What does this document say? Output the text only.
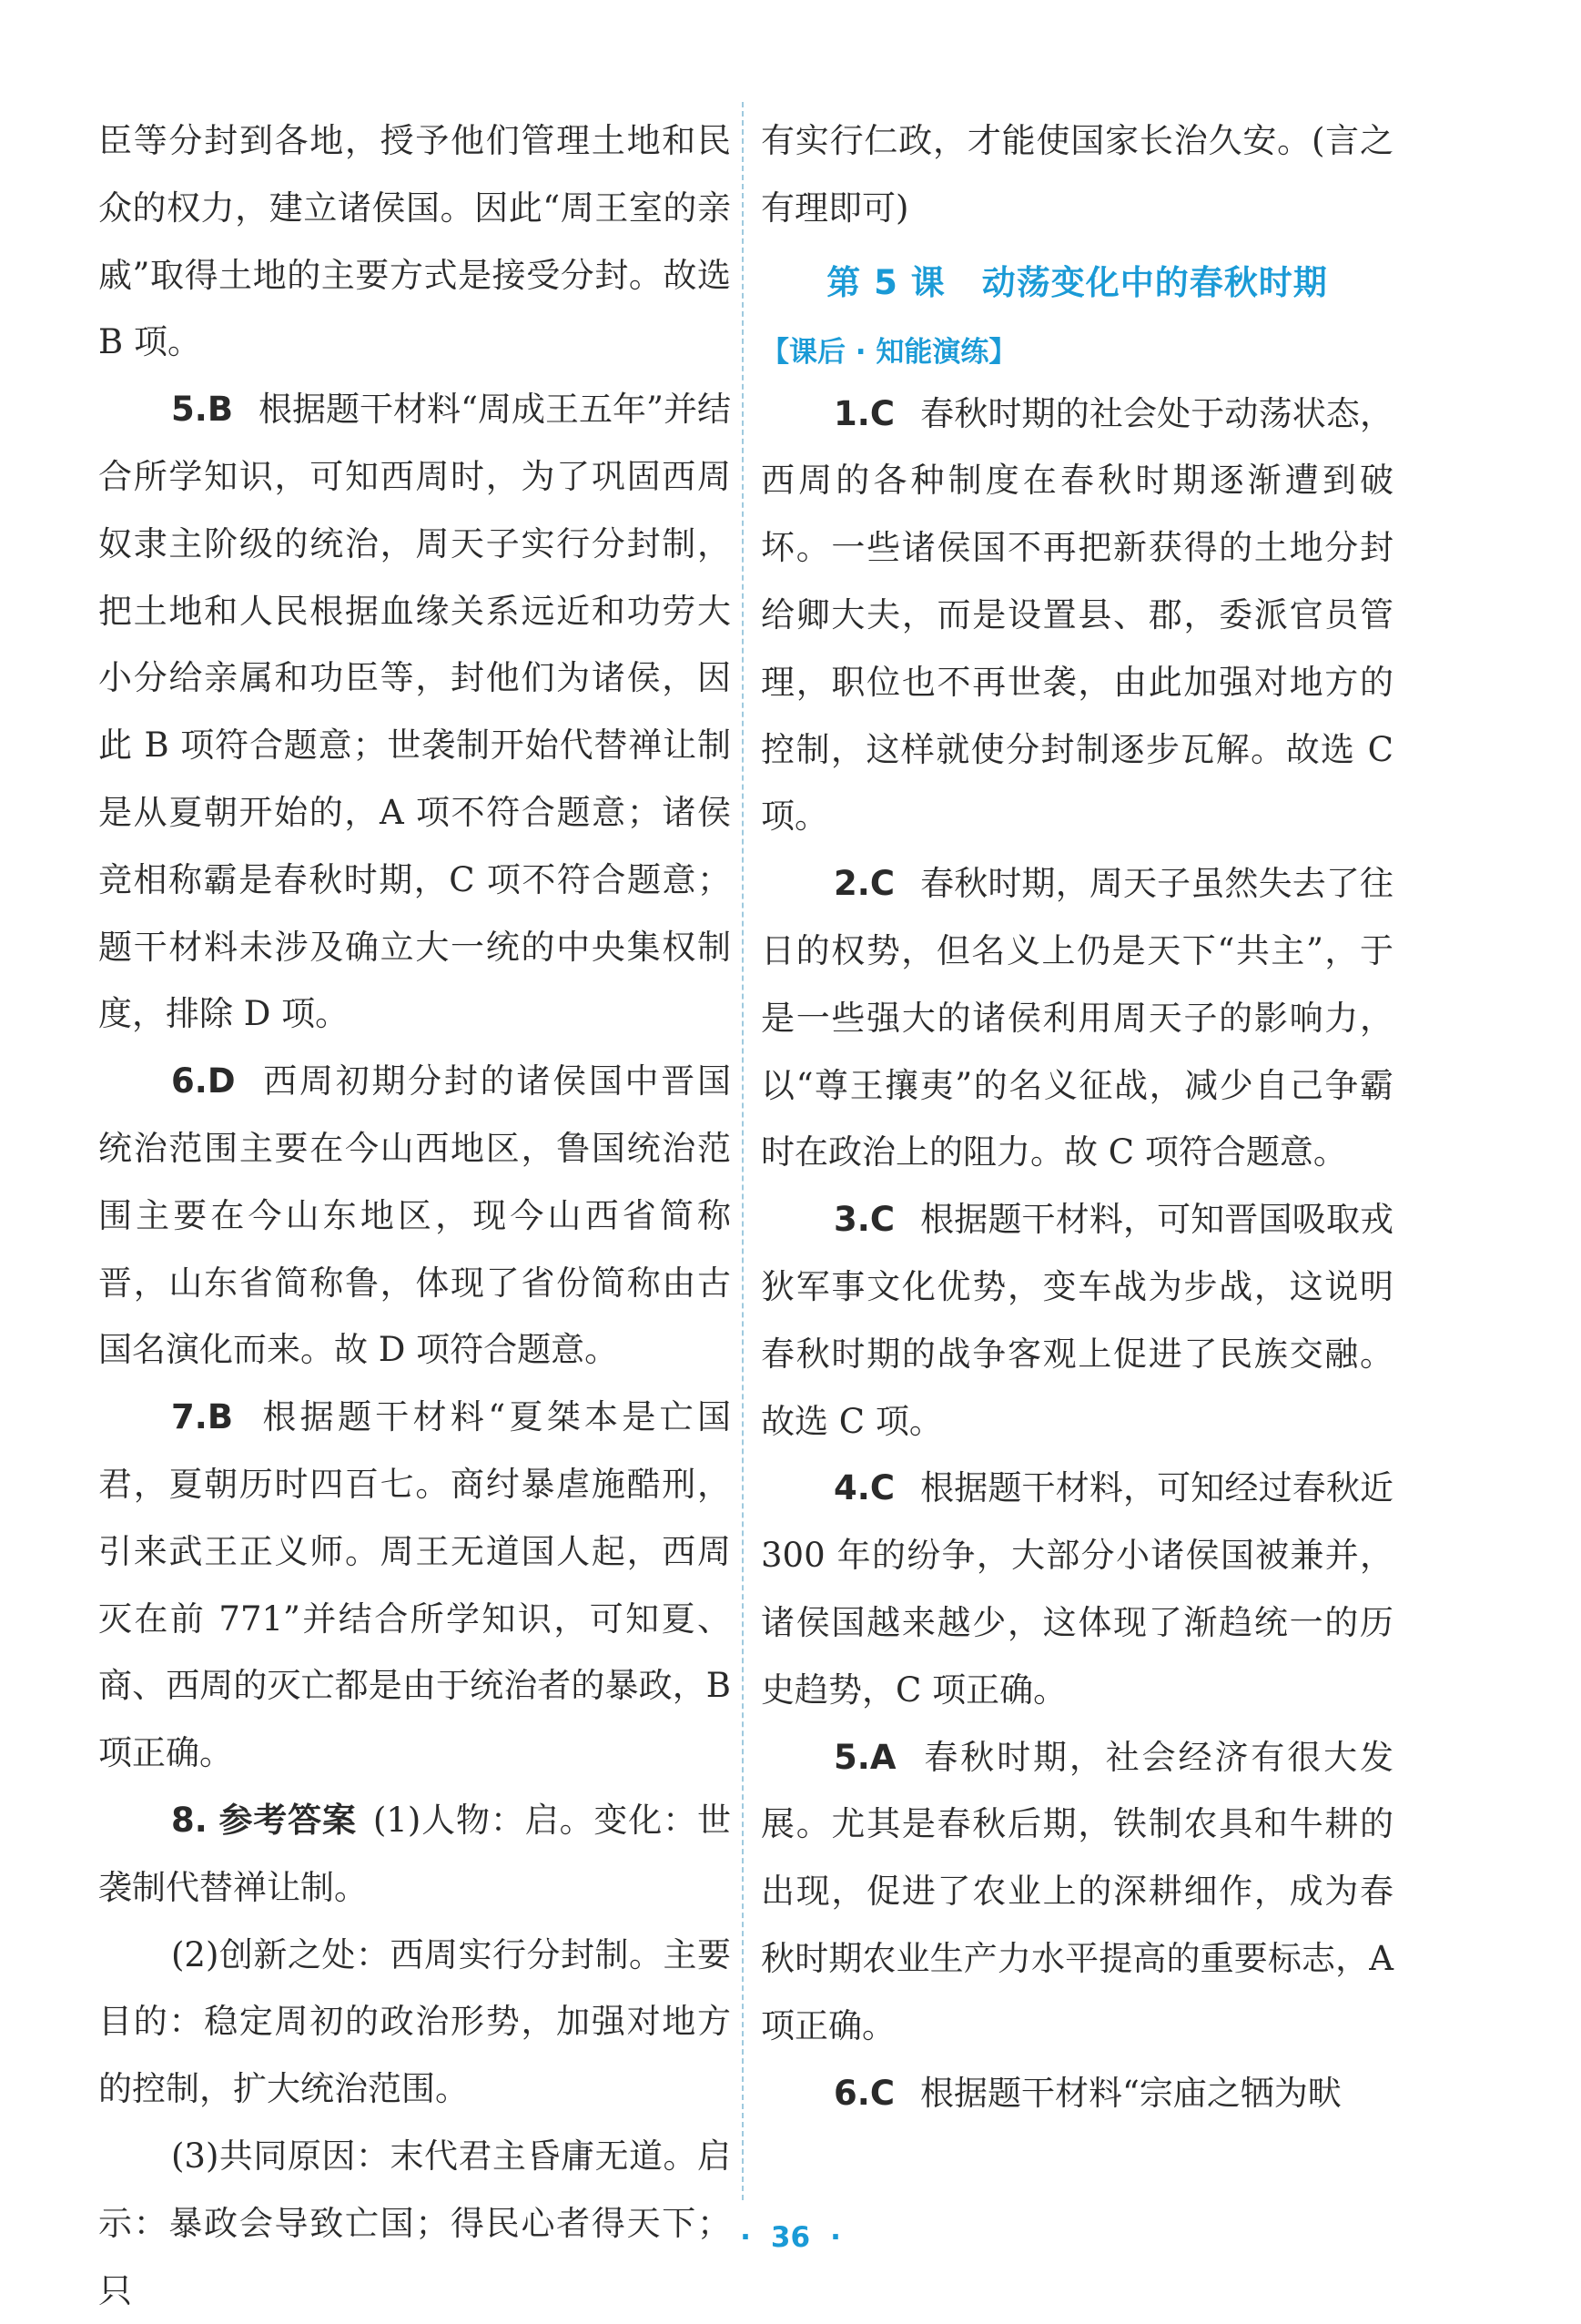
臣等分封到各地，授予他们管理土地和民众的权力，建立诸侯国。因此“周王室的亲戚”取得土地的主要方式是接受分封。故选 B 项。

5.B 根据题干材料“周成王五年”并结合所学知识，可知西周时，为了巩固西周奴隶主阶级的统治，周天子实行分封制，把土地和人民根据血缘关系远近和功劳大小分给亲属和功臣等，封他们为诸侯，因此 B 项符合题意；世袭制开始代替禅让制是从夏朝开始的，A 项不符合题意；诸侯竞相称霸是春秋时期，C 项不符合题意；题干材料未涉及确立大一统的中央集权制度，排除 D 项。

6.D 西周初期分封的诸侯国中晋国统治范围主要在今山西地区，鲁国统治范围主要在今山东地区，现今山西省简称晋，山东省简称鲁，体现了省份简称由古国名演化而来。故 D 项符合题意。

7.B 根据题干材料“夏桀本是亡国君，夏朝历时四百七。商纣暴虐施酷刑，引来武王正义师。周王无道国人起，西周灭在前 771”并结合所学知识，可知夏、商、西周的灭亡都是由于统治者的暴政，B 项正确。

8. 参考答案 (1)人物：启。变化：世袭制代替禅让制。

(2)创新之处：西周实行分封制。主要目的：稳定周初的政治形势，加强对地方的控制，扩大统治范围。

(3)共同原因：末代君主昏庸无道。启示：暴政会导致亡国；得民心者得天下；只

有实行仁政，才能使国家长治久安。(言之有理即可)

第 5 课 动荡变化中的春秋时期

【课后 · 知能演练】

1.C 春秋时期的社会处于动荡状态，西周的各种制度在春秋时期逐渐遭到破坏。一些诸侯国不再把新获得的土地分封给卿大夫，而是设置县、郡，委派官员管理，职位也不再世袭，由此加强对地方的控制，这样就使分封制逐步瓦解。故选 C 项。

2.C 春秋时期，周天子虽然失去了往日的权势，但名义上仍是天下“共主”，于是一些强大的诸侯利用周天子的影响力，以“尊王攘夷”的名义征战，减少自己争霸时在政治上的阻力。故 C 项符合题意。

3.C 根据题干材料，可知晋国吸取戎狄军事文化优势，变车战为步战，这说明春秋时期的战争客观上促进了民族交融。故选 C 项。

4.C 根据题干材料，可知经过春秋近 300 年的纷争，大部分小诸侯国被兼并，诸侯国越来越少，这体现了渐趋统一的历史趋势，C 项正确。

5.A 春秋时期，社会经济有很大发展。尤其是春秋后期，铁制农具和牛耕的出现，促进了农业上的深耕细作，成为春秋时期农业生产力水平提高的重要标志，A 项正确。

6.C 根据题干材料“宗庙之牺为畎

· 36 ·
